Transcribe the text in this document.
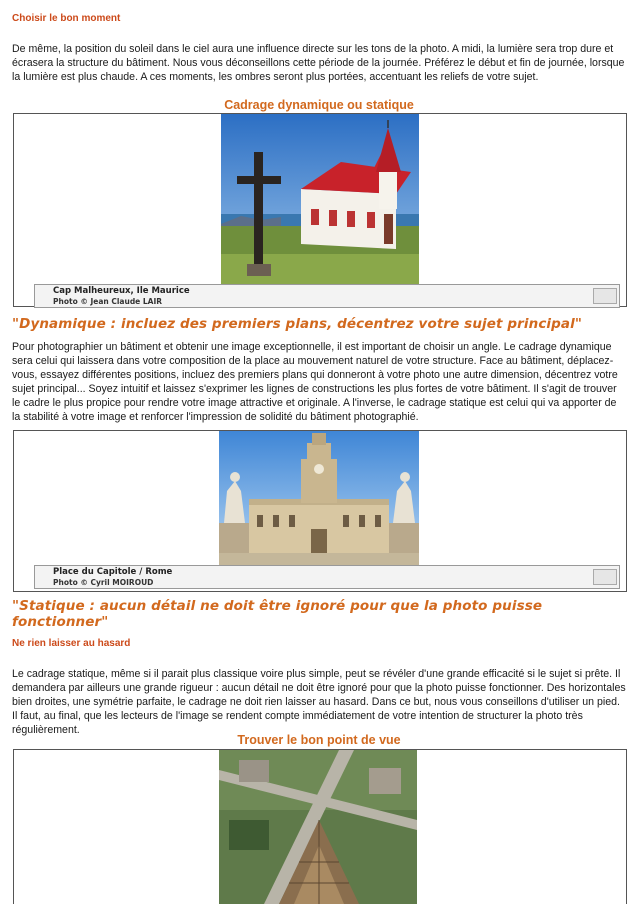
Choisir le bon moment
De même, la position du soleil dans le ciel aura une influence directe sur les tons de la photo. A midi, la lumière sera trop dure et écrasera la structure du bâtiment. Nous vous déconseillons cette période de la journée. Préférez le début et fin de journée, lorsque la lumière est plus chaude. A ces moments, les ombres seront plus portées, accentuant les reliefs de votre sujet.
Cadrage dynamique ou statique
Cap Malheureux, Ile Maurice
Photo © Jean Claude LAIR
"Dynamique : incluez des premiers plans, décentrez votre sujet principal"
Pour photographier un bâtiment et obtenir une image exceptionnelle, il est important de choisir un angle. Le cadrage dynamique sera celui qui laissera dans votre composition de la place au mouvement naturel de votre structure. Face au bâtiment, déplacez-vous, essayez différentes positions, incluez des premiers plans qui donneront à votre photo une autre dimension, décentrez votre sujet principal... Soyez intuitif et laissez s'exprimer les lignes de constructions les plus fortes de votre bâtiment. Il s'agit de trouver le cadre le plus propice pour rendre votre image attractive et originale. A l'inverse, le cadrage statique est celui qui va apporter de la stabilité à votre image et renforcer l'impression de solidité du bâtiment photographié.
Place du Capitole / Rome
Photo © Cyril MOIROUD
"Statique : aucun détail ne doit être ignoré pour que la photo puisse fonctionner"
Ne rien laisser au hasard
Le cadrage statique, même si il parait plus classique voire plus simple, peut se révéler d'une grande efficacité si le sujet si prête. Il demandera par ailleurs une grande rigueur : aucun détail ne doit être ignoré pour que la photo puisse fonctionner. Des horizontales bien droites, une symétrie parfaite, le cadrage ne doit rien laisser au hasard. Dans ce but, nous vous conseillons d'utiliser un pied. Il faut, au final, que les lecteurs de l'image se rendent compte immédiatement de votre intention de structurer la photo très régulièrement.
Trouver le bon point de vue
